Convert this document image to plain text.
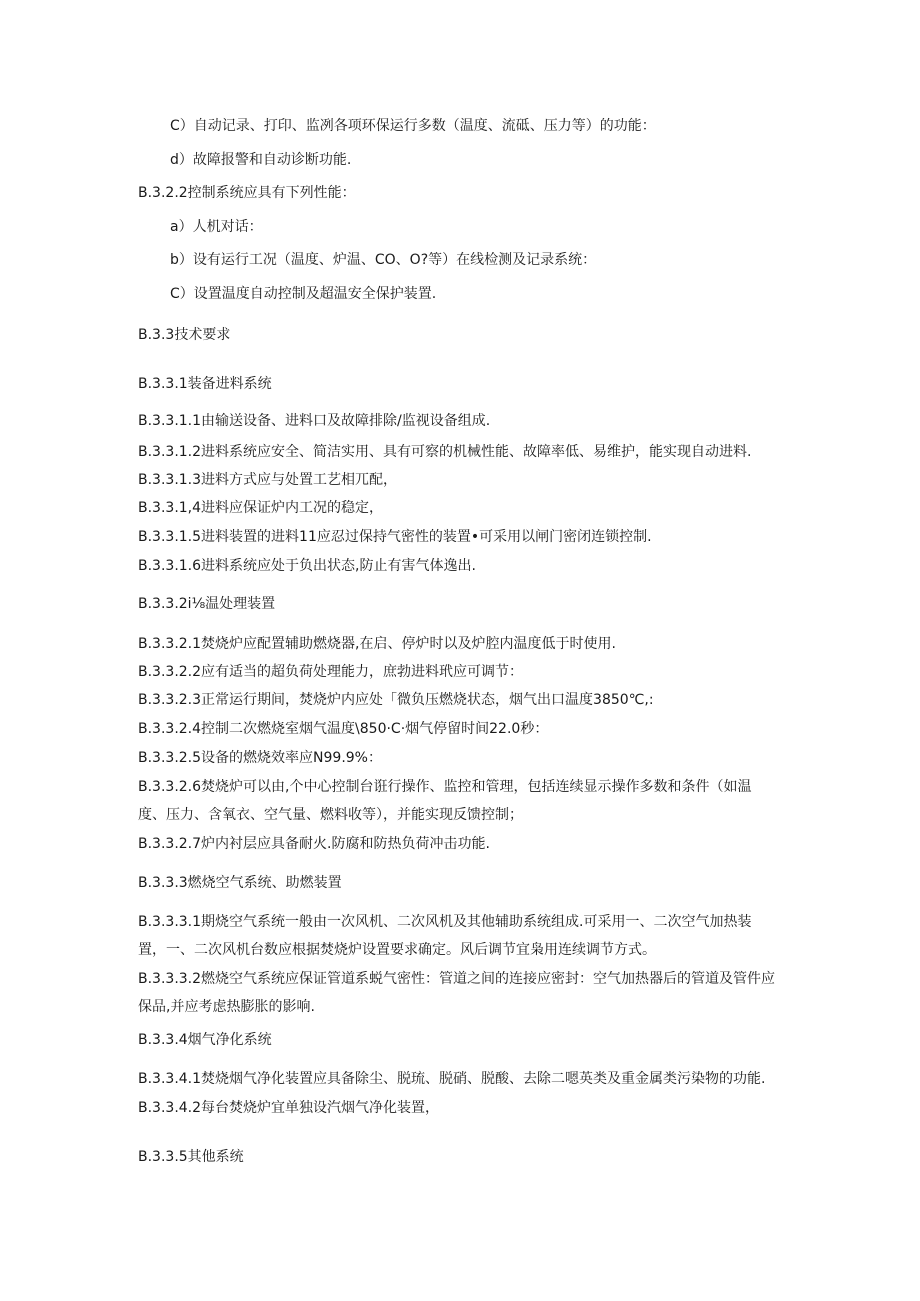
C）自动记录、打印、监冽各项环保运行多数（温度、流砥、压力等）的功能：
d）故障报警和自动诊断功能.
B.3.2.2控制系统应具有下列性能：
a）人机对话：
b）设有运行工况（温度、炉温、CO、O?等）在线检测及记录系统：
C）设置温度自动控制及超温安全保护装置.
B.3.3技术要求
B.3.3.1装备进料系统
B.3.3.1.1由输送设备、进料口及故障排除/监视设备组成.
B.3.3.1.2进料系统应安全、简洁实用、具有可察的机械性能、故障率低、易维护，能实现自动进料.
B.3.3.1.3进料方式应与处置工艺相兀配，
B.3.3.1,4进料应保证炉内工况的稳定，
B.3.3.1.5进料装置的进料11应忍过保持气密性的装置•可采用以闸门密闭连锁控制.
B.3.3.1.6进料系统应处于负出状态,防止有害气体逸出.
B.3.3.2i⅛温处理装置
B.3.3.2.1焚烧炉应配置辅助燃烧器,在启、停炉时以及炉腔内温度低于时使用.
B.3.3.2.2应有适当的超负荷处理能力，庶勃进料玳应可调节：
B.3.3.2.3正常运行期间，焚烧炉内应处「微负压燃烧状态，烟气出口温度3850℃,:
B.3.3.2.4控制二次燃烧室烟气温度\850·C·烟气停留时间22.0秒：
B.3.3.2.5设备的燃烧效率应N99.9%：
B.3.3.2.6焚烧炉可以由,个中心控制台诳行操作、监控和管理，包括连续显示操作多数和条件（如温
度、压力、含氧衣、空气量、燃料收等），并能实现反馈控制；
B.3.3.2.7炉内衬层应具备耐火.防腐和防热负荷冲击功能.
B.3.3.3燃烧空气系统、助燃装置
B.3.3.3.1期烧空气系统一般由一次风机、二次风机及其他辅助系统组成.可采用一、二次空气加热装
置，一、二次风机台数应根据焚烧炉设置要求确定。风后调节宜枭用连续调节方式。
B.3.3.3.2燃烧空气系统应保证管道系蜕气密性：管道之间的连接应密封：空气加热器后的管道及管件应
保品,并应考虑热膨胀的影响.
B.3.3.4烟气净化系统
B.3.3.4.1焚烧烟气净化装置应具备除尘、脱琉、脱硝、脱酸、去除二嗯英类及重金属类污染物的功能.
B.3.3.4.2每台焚烧炉宜单独设汽烟气净化装置，
B.3.3.5其他系统
